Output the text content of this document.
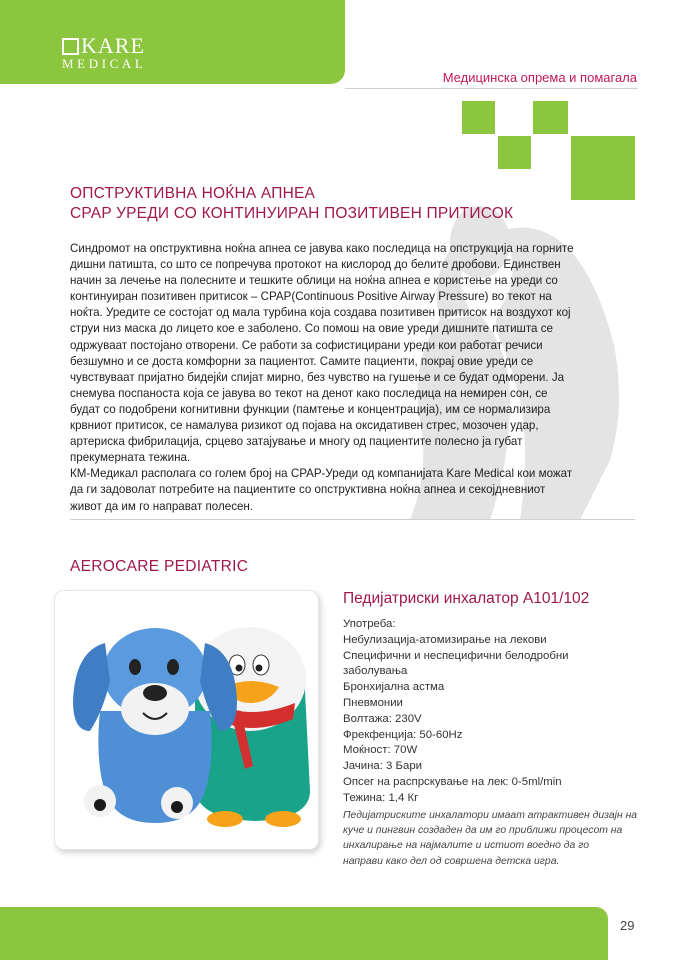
KARE
MEDICAL
Медицинска опрема и помагала
ОПСТРУКТИВНА НОЌНА АПНЕА
CPAP УРЕДИ СО КОНТИНУИРАН ПОЗИТИВЕН ПРИТИСОК
Синдромот на опструктивна ноќна апнеа се јавува како последица на опструкција на горните
дишни патишта, со што се попречува протокот на кислород до белите дробови. Единствен
начин за лечење на полесните и тешките облици на ноќна апнеа е користење на уреди со
континуиран позитивен притисок – CPAP(Continuous Positive Airway Pressure) во текот на
ноќта. Уредите се состојат од мала турбина која создава позитивен притисок на воздухот кој
струи низ маска до лицето кое е заболено. Со помош на овие уреди дишните патишта се
одржуваат постојано отворени. Се работи за софистицирани уреди кои работат речиси
безшумно и се доста комфорни за пациентот. Самите пациенти, покрај овие уреди се
чувствуваат пријатно бидејќи спијат мирно, без чувство на гушење и се будат одморени. Ја
снемува поспаноста која се јавува во текот на денот како последица на немирен сон, се
будат со подобрени когнитивни функции (памтење и концентрација), им се нормализира
крвниот притисок, се намалува ризикот од појава на оксидативен стрес, мозочен удар,
артериска фибрилација, срцево затајување и многу од пациентите полесно ја губат
прекумерната тежина.
КМ-Медикал располага со голем број на CPAP-Уреди од компанијата Kare Medical кои можат
да ги задоволат потребите на пациентите со опструктивна ноќна апнеа и секојдневниот
живот да им го направат полесен.
AEROCARE PEDIATRIC
Педијатриски инхалатор А101/102
Употреба:
Небулизација-атомизирање на лекови
Специфични и неспецифични белодробни
заболувања
Бронхијална астма
Пневмонии
Волтажа: 230V
Фрекфенција: 50-60Hz
Моќност: 70W
Јачина: 3 Бари
Опсег на распрскување на лек: 0-5ml/min
Тежина: 1,4 Кг
Педијатриските инхалатори имаат атрактивен дизајн на
куче и пингвин создаден да им го приближи процесот на
инхалирање на најмалите и истиот воедно да го
направи како дел од совршена детска игра.
29
